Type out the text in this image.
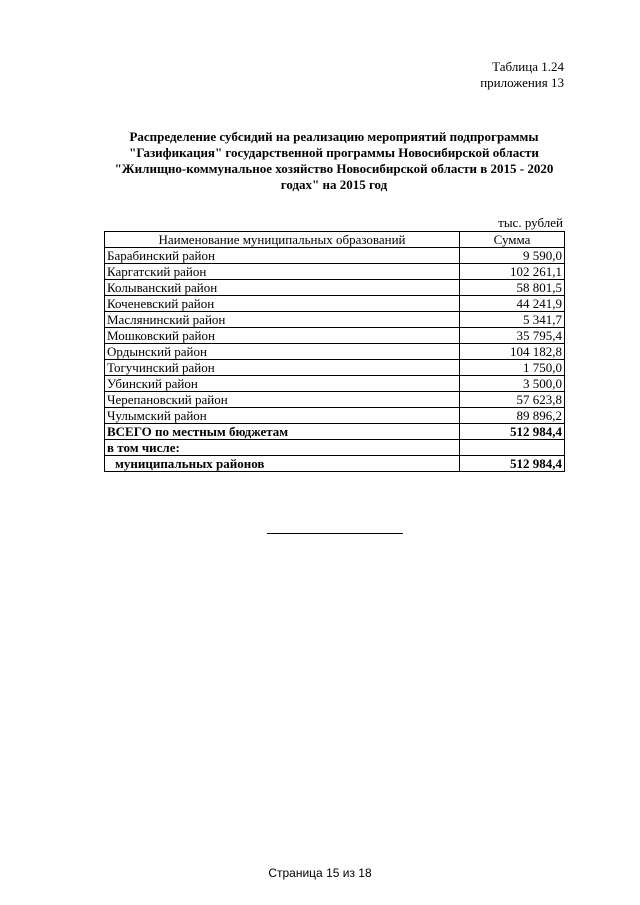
Таблица 1.24
приложения 13
Распределение субсидий на реализацию мероприятий подпрограммы
"Газификация" государственной программы Новосибирской области
"Жилищно-коммунальное хозяйство Новосибирской области в 2015 - 2020
годах" на 2015 год
тыс. рублей
Наименование муниципальных образований	Сумма
Барабинский район	9 590,0
Каргатский район	102 261,1
Колыванский район	58 801,5
Коченевский район	44 241,9
Маслянинский район	5 341,7
Мошковский район	35 795,4
Ордынский район	104 182,8
Тогучинский район	1 750,0
Убинский район	3 500,0
Черепановский район	57 623,8
Чулымский район	89 896,2
ВСЕГО по местным бюджетам	512 984,4
в том числе:	
муниципальных районов	512 984,4
Страница 15 из 18
